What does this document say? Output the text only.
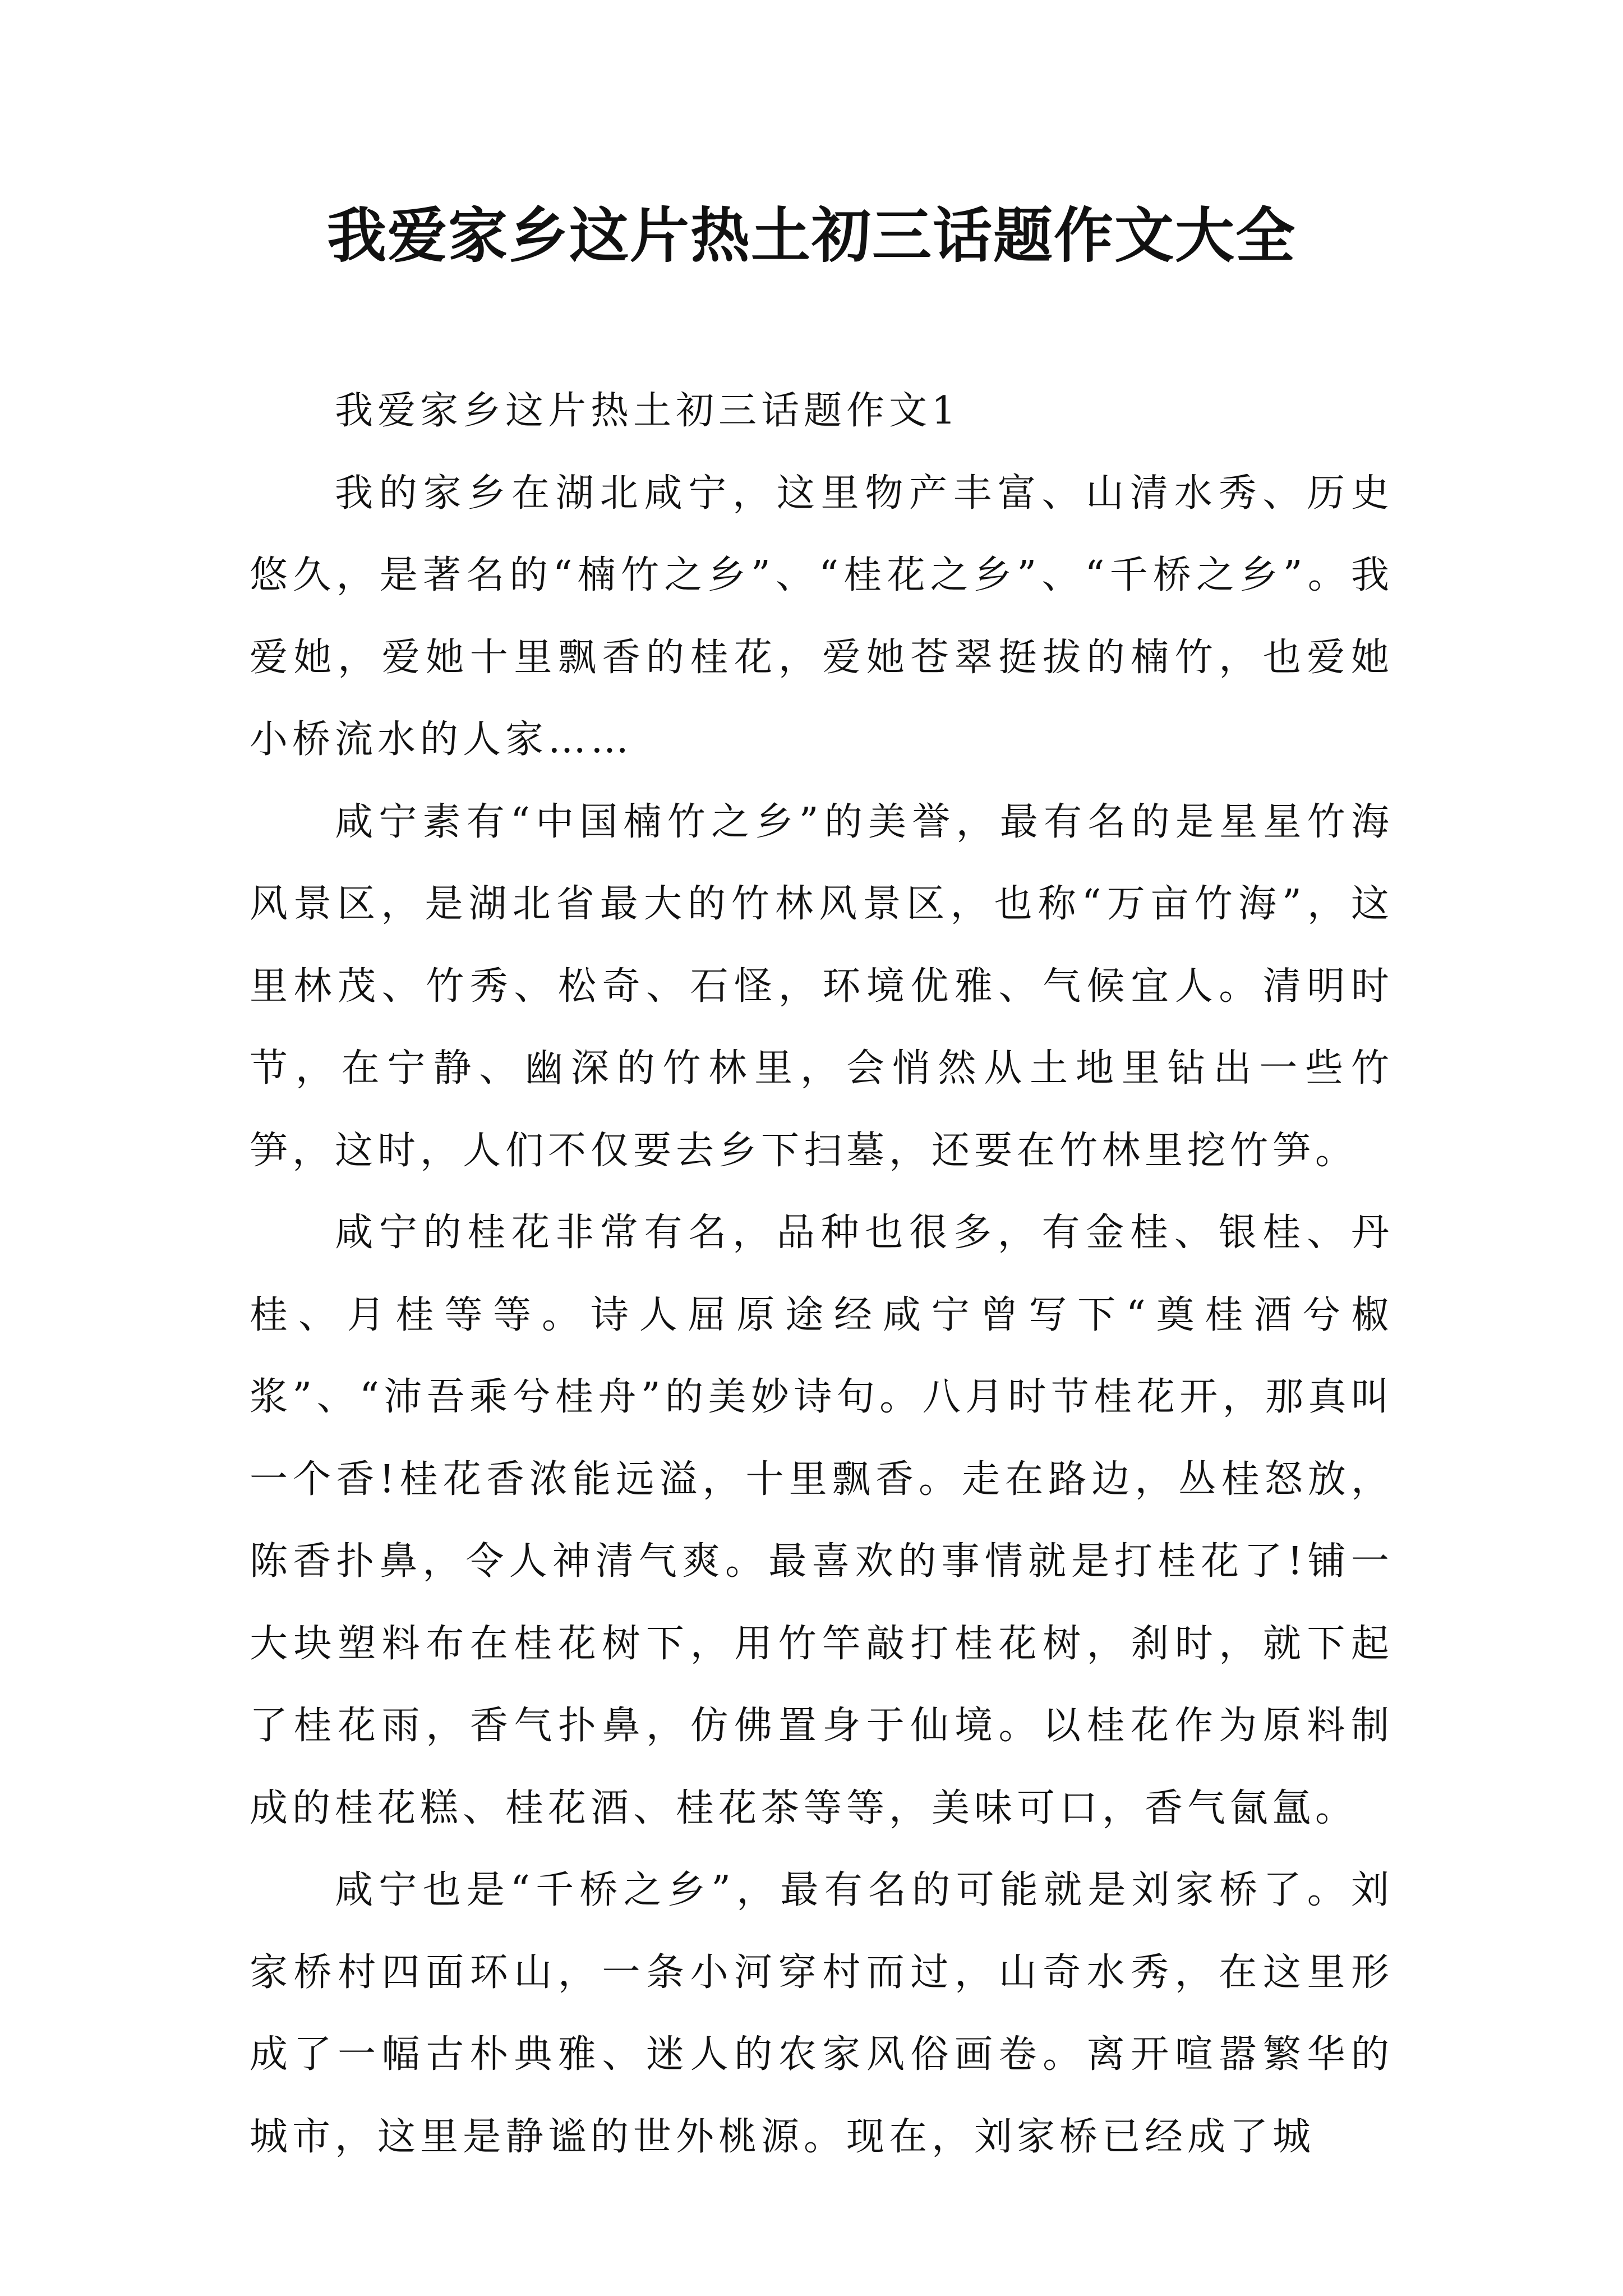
我爱家乡这片热土初三话题作文大全

我爱家乡这片热土初三话题作文1

我的家乡在湖北咸宁，这里物产丰富、山清水秀、历史悠久，是著名的“楠竹之乡”、“桂花之乡”、“千桥之乡”。我爱她，爱她十里飘香的桂花，爱她苍翠挺拔的楠竹，也爱她小桥流水的人家……

咸宁素有“中国楠竹之乡”的美誉，最有名的是星星竹海风景区，是湖北省最大的竹林风景区，也称“万亩竹海”，这里林茂、竹秀、松奇、石怪，环境优雅、气候宜人。清明时节，在宁静、幽深的竹林里，会悄然从土地里钻出一些竹笋，这时，人们不仅要去乡下扫墓，还要在竹林里挖竹笋。

咸宁的桂花非常有名，品种也很多，有金桂、银桂、丹桂、月桂等等。诗人屈原途经咸宁曾写下“奠桂酒兮椒浆”、“沛吾乘兮桂舟”的美妙诗句。八月时节桂花开，那真叫一个香!桂花香浓能远溢，十里飘香。走在路边，丛桂怒放，陈香扑鼻，令人神清气爽。最喜欢的事情就是打桂花了!铺一大块塑料布在桂花树下，用竹竿敲打桂花树，刹时，就下起了桂花雨，香气扑鼻，仿佛置身于仙境。以桂花作为原料制成的桂花糕、桂花酒、桂花茶等等，美味可口，香气氤氲。

咸宁也是“千桥之乡”，最有名的可能就是刘家桥了。刘家桥村四面环山，一条小河穿村而过，山奇水秀，在这里形成了一幅古朴典雅、迷人的农家风俗画卷。离开喧嚣繁华的城市，这里是静谧的世外桃源。现在，刘家桥已经成了城
